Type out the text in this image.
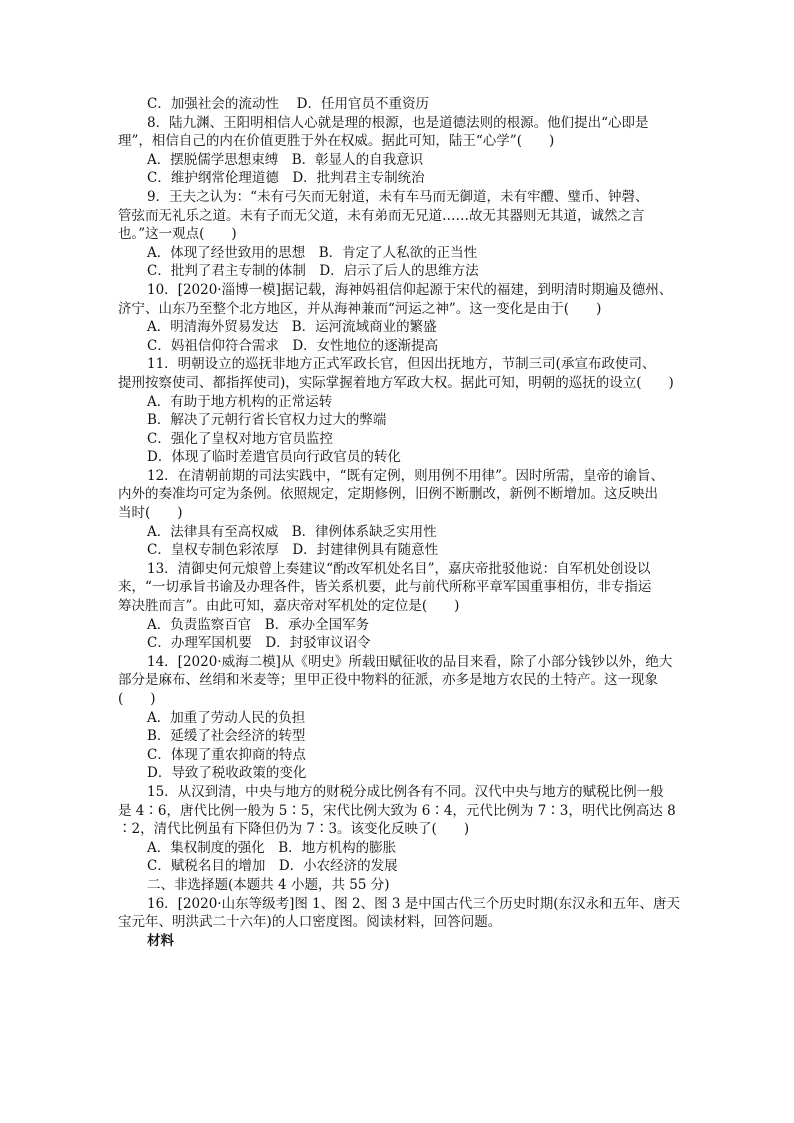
C．加强社会的流动性　 D．任用官员不重资历
8．陆九渊、王阳明相信人心就是理的根源，也是道德法则的根源。他们提出“心即是
理”，相信自己的内在价值更胜于外在权威。据此可知，陆王“心学”(　　)
A．摆脱儒学思想束缚　B．彰显人的自我意识
C．维护纲常伦理道德　D．批判君主专制统治
9．王夫之认为：“未有弓矢而无射道，未有车马而无御道，未有牢醴、璧币、钟磬、
管弦而无礼乐之道。未有子而无父道，未有弟而无兄道……故无其器则无其道，诚然之言
也。”这一观点(　　)
A．体现了经世致用的思想　B．肯定了人私欲的正当性
C．批判了君主专制的体制　D．启示了后人的思维方法
10．[2020·淄博一模]据记载，海神妈祖信仰起源于宋代的福建，到明清时期遍及德州、
济宁、山东乃至整个北方地区，并从海神兼而“河运之神”。这一变化是由于(　　)
A．明清海外贸易发达　B．运河流域商业的繁盛
C．妈祖信仰符合需求　D．女性地位的逐渐提高
11．明朝设立的巡抚非地方正式军政长官，但因出抚地方，节制三司(承宣布政使司、
提刑按察使司、都指挥使司)，实际掌握着地方军政大权。据此可知，明朝的巡抚的设立(　　)
A．有助于地方机构的正常运转
B．解决了元朝行省长官权力过大的弊端
C．强化了皇权对地方官员监控
D．体现了临时差遣官员向行政官员的转化
12．在清朝前期的司法实践中，“既有定例，则用例不用律”。因时所需，皇帝的谕旨、
内外的奏准均可定为条例。依照规定，定期修例，旧例不断删改，新例不断增加。这反映出
当时(　　)
A．法律具有至高权威　B．律例体系缺乏实用性
C．皇权专制色彩浓厚　D．封建律例具有随意性
13．清御史何元烺曾上奏建议“酌改军机处名目”，嘉庆帝批驳他说：自军机处创设以
来，“一切承旨书谕及办理各件，皆关系机要，此与前代所称平章军国重事相仿，非专指运
筹决胜而言”。由此可知，嘉庆帝对军机处的定位是(　　)
A．负责监察百官　B．承办全国军务
C．办理军国机要　D．封驳审议诏令
14．[2020·威海二模]从《明史》所载田赋征收的品目来看，除了小部分钱钞以外，绝大
部分是麻布、丝绢和米麦等；里甲正役中物料的征派，亦多是地方农民的土特产。这一现象
(　　)
A．加重了劳动人民的负担
B．延缓了社会经济的转型
C．体现了重农抑商的特点
D．导致了税收政策的变化
15．从汉到清，中央与地方的财税分成比例各有不同。汉代中央与地方的赋税比例一般
是 4∶6，唐代比例一般为 5∶5，宋代比例大致为 6∶4，元代比例为 7∶3，明代比例高达 8
∶2，清代比例虽有下降但仍为 7∶3。该变化反映了(　　)
A．集权制度的强化　B．地方机构的膨胀
C．赋税名目的增加　D．小农经济的发展
二、非选择题(本题共 4 小题，共 55 分)
16．[2020·山东等级考]图 1、图 2、图 3 是中国古代三个历史时期(东汉永和五年、唐天
宝元年、明洪武二十六年)的人口密度图。阅读材料，回答问题。
材料
